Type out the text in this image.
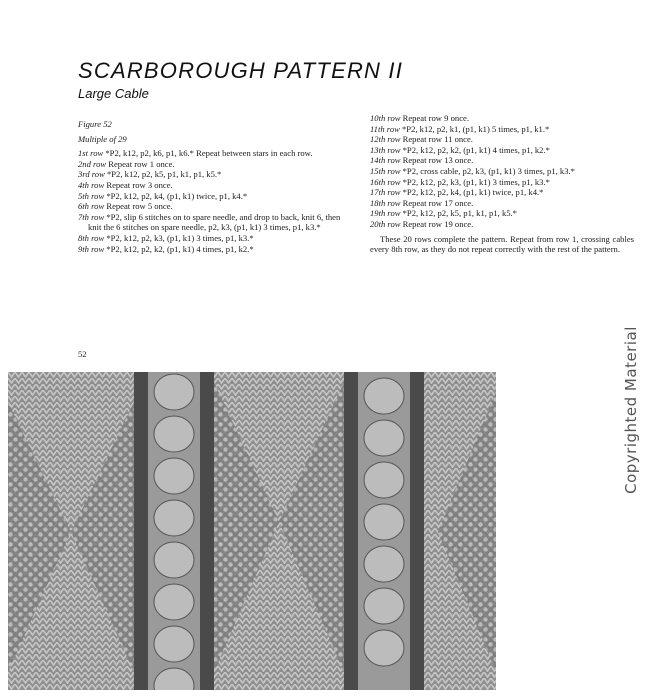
SCARBOROUGH PATTERN II
Large Cable

Figure 52

Multiple of 29

1st row *P2, k12, p2, k6, p1, k6.* Repeat between stars in each row.

2nd row Repeat row 1 once.

3rd row *P2, k12, p2, k5, p1, k1, p1, k5.*

4th row Repeat row 3 once.

5th row *P2, k12, p2, k4, (p1, k1) twice, p1, k4.*

6th row Repeat row 5 once.

7th row *P2, slip 6 stitches on to spare needle, and drop to back, knit 6, then knit the 6 stitches on spare needle, p2, k3, (p1, k1) 3 times, p1, k3.*

8th row *P2, k12, p2, k3, (p1, k1) 3 times, p1, k3.*

9th row *P2, k12, p2, k2, (p1, k1) 4 times, p1, k2.*

10th row Repeat row 9 once.

11th row *P2, k12, p2, k1, (p1, k1) 5 times, p1, k1.*

12th row Repeat row 11 once.

13th row *P2, k12, p2, k2, (p1, k1) 4 times, p1, k2.*

14th row Repeat row 13 once.

15th row *P2, cross cable, p2, k3, (p1, k1) 3 times, p1, k3.*

16th row *P2, k12, p2, k3, (p1, k1) 3 times, p1, k3.*

17th row *P2, k12, p2, k4, (p1, k1) twice, p1, k4.*

18th row Repeat row 17 once.

19th row *P2, k12, p2, k5, p1, k1, p1, k5.*

20th row Repeat row 19 once.

These 20 rows complete the pattern. Repeat from row 1, crossing cables every 8th row, as they do not repeat correctly with the rest of the pattern.

52	Copyrighted Material
